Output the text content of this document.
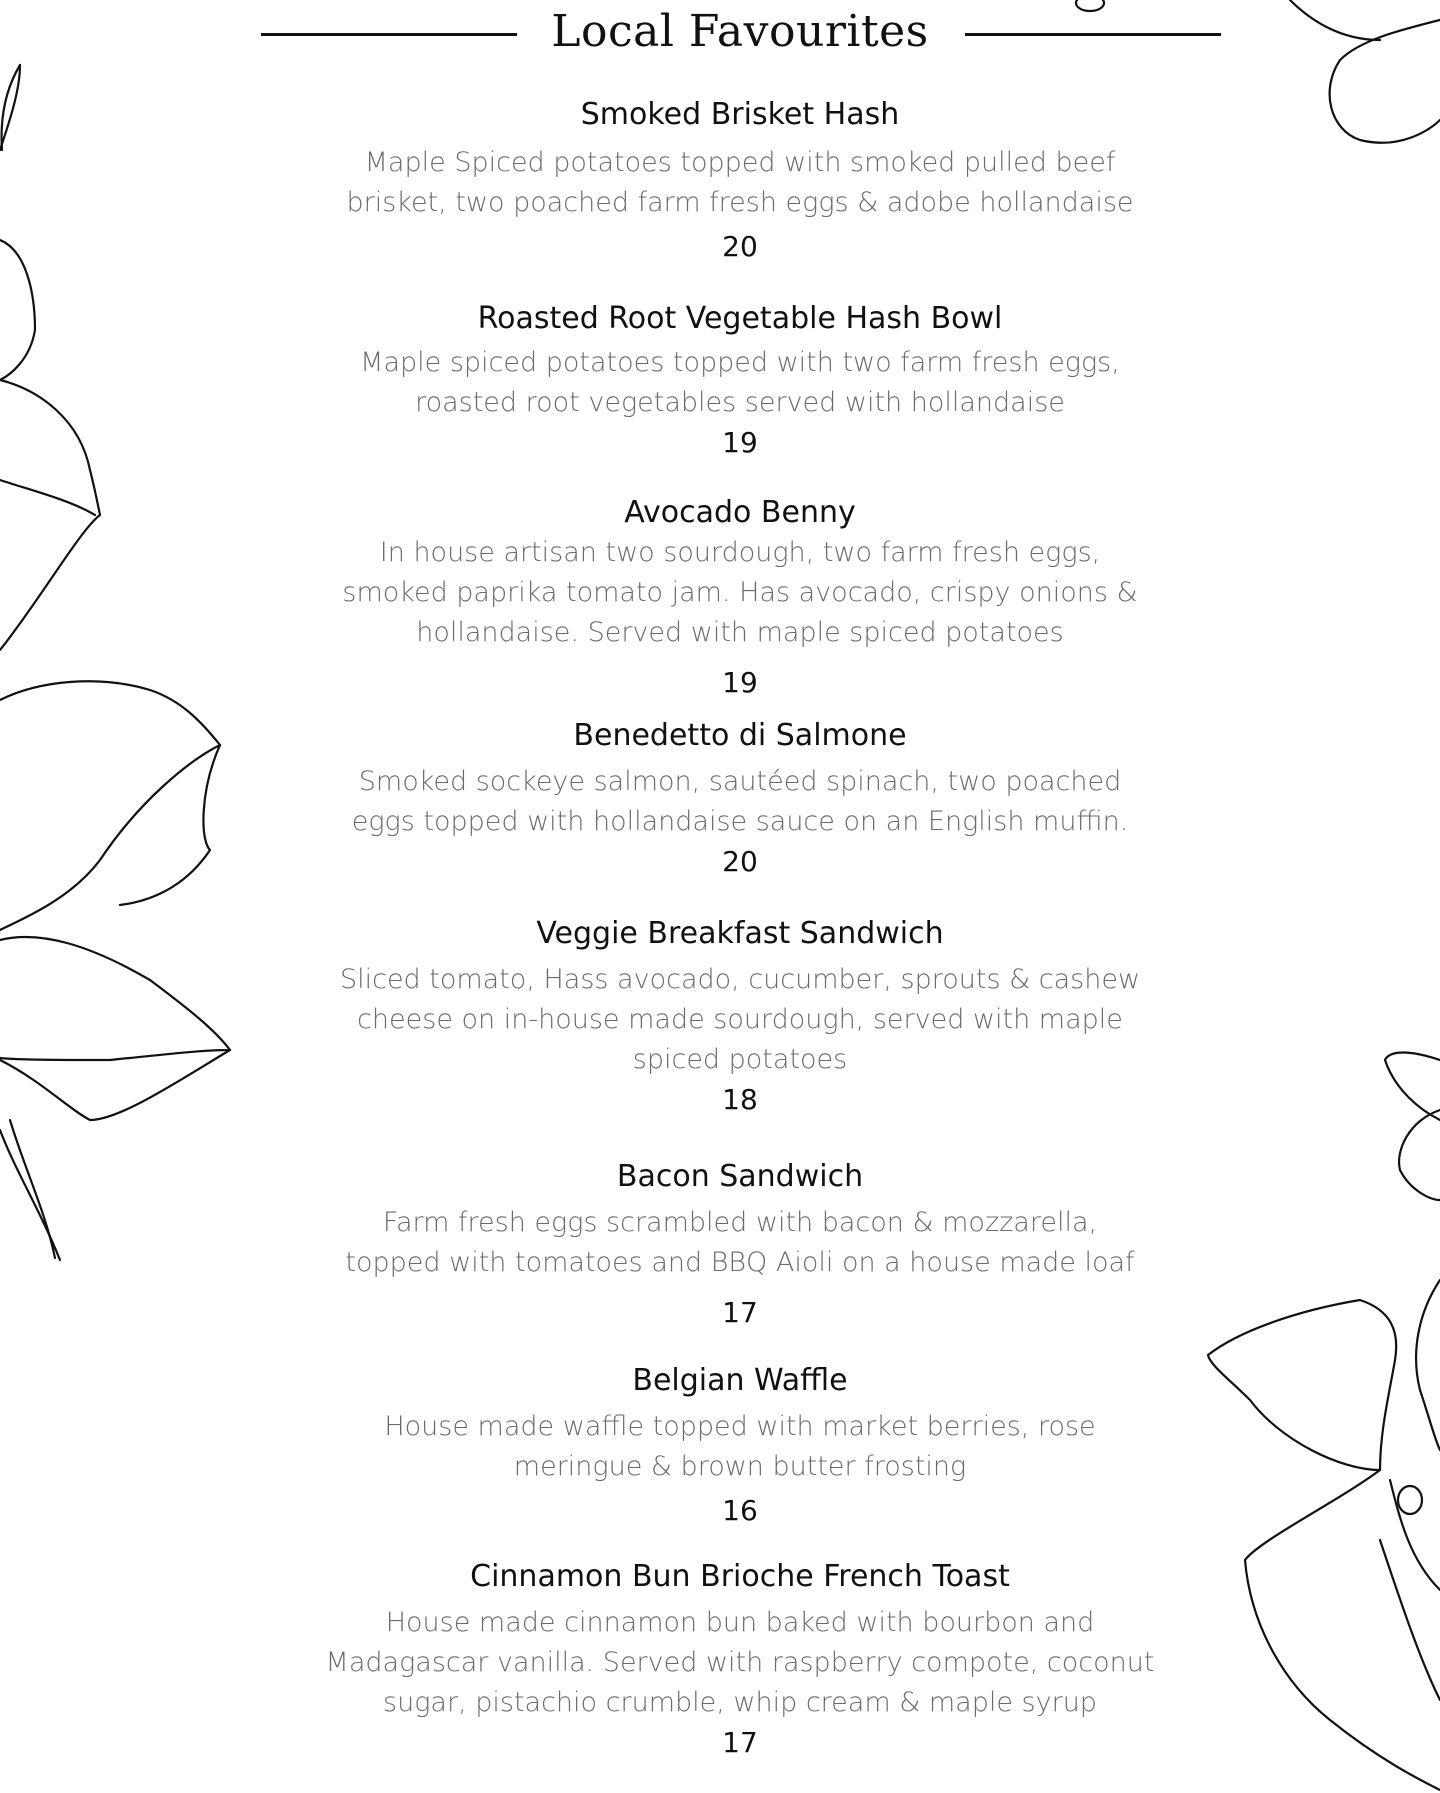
Local Favourites
Smoked Brisket Hash
Maple Spiced potatoes topped with smoked pulled beef
brisket, two poached farm fresh eggs & adobe hollandaise
20
Roasted Root Vegetable Hash Bowl
Maple spiced potatoes topped with two farm fresh eggs,
roasted root vegetables served with hollandaise
19
Avocado Benny
In house artisan two sourdough, two farm fresh eggs,
smoked paprika tomato jam. Has avocado, crispy onions &
hollandaise. Served with maple spiced potatoes
19
Benedetto di Salmone
Smoked sockeye salmon, sautéed spinach, two poached
eggs topped with hollandaise sauce on an English muffin.
20
Veggie Breakfast Sandwich
Sliced tomato, Hass avocado, cucumber, sprouts & cashew
cheese on in-house made sourdough, served with maple
spiced potatoes
18
Bacon Sandwich
Farm fresh eggs scrambled with bacon & mozzarella,
topped with tomatoes and BBQ Aioli on a house made loaf
17
Belgian Waffle
House made waffle topped with market berries, rose
meringue & brown butter frosting
16
Cinnamon Bun Brioche French Toast
House made cinnamon bun baked with bourbon and
Madagascar vanilla. Served with raspberry compote, coconut
sugar, pistachio crumble, whip cream & maple syrup
17
